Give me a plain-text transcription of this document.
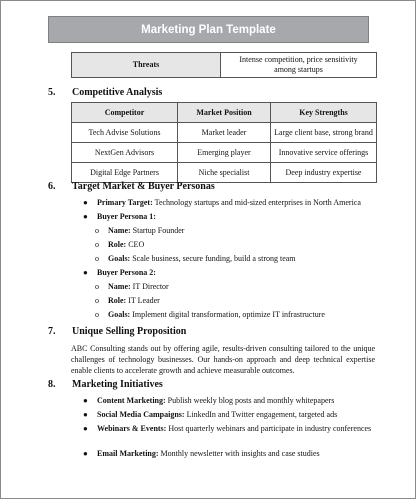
Marketing Plan Template
Threats	Intense competition, price sensitivity
among startups
5. Competitive Analysis
Competitor	Market Position	Key Strengths
Tech Advise Solutions	Market leader	Large client base, strong brand
NextGen Advisors	Emerging player	Innovative service offerings
Digital Edge Partners	Niche specialist	Deep industry expertise
6. Target Market & Buyer Personas
● Primary Target: Technology startups and mid-sized enterprises in North America
● Buyer Persona 1:
o Name: Startup Founder
o Role: CEO
o Goals: Scale business, secure funding, build a strong team
● Buyer Persona 2:
o Name: IT Director
o Role: IT Leader
o Goals: Implement digital transformation, optimize IT infrastructure
7. Unique Selling Proposition
ABC Consulting stands out by offering agile, results-driven consulting tailored to the unique challenges of technology businesses. Our hands-on approach and deep technical expertise enable clients to accelerate growth and achieve measurable outcomes.
8. Marketing Initiatives
● Content Marketing: Publish weekly blog posts and monthly whitepapers
● Social Media Campaigns: LinkedIn and Twitter engagement, targeted ads
● Webinars & Events: Host quarterly webinars and participate in industry conferences
● Email Marketing: Monthly newsletter with insights and case studies
